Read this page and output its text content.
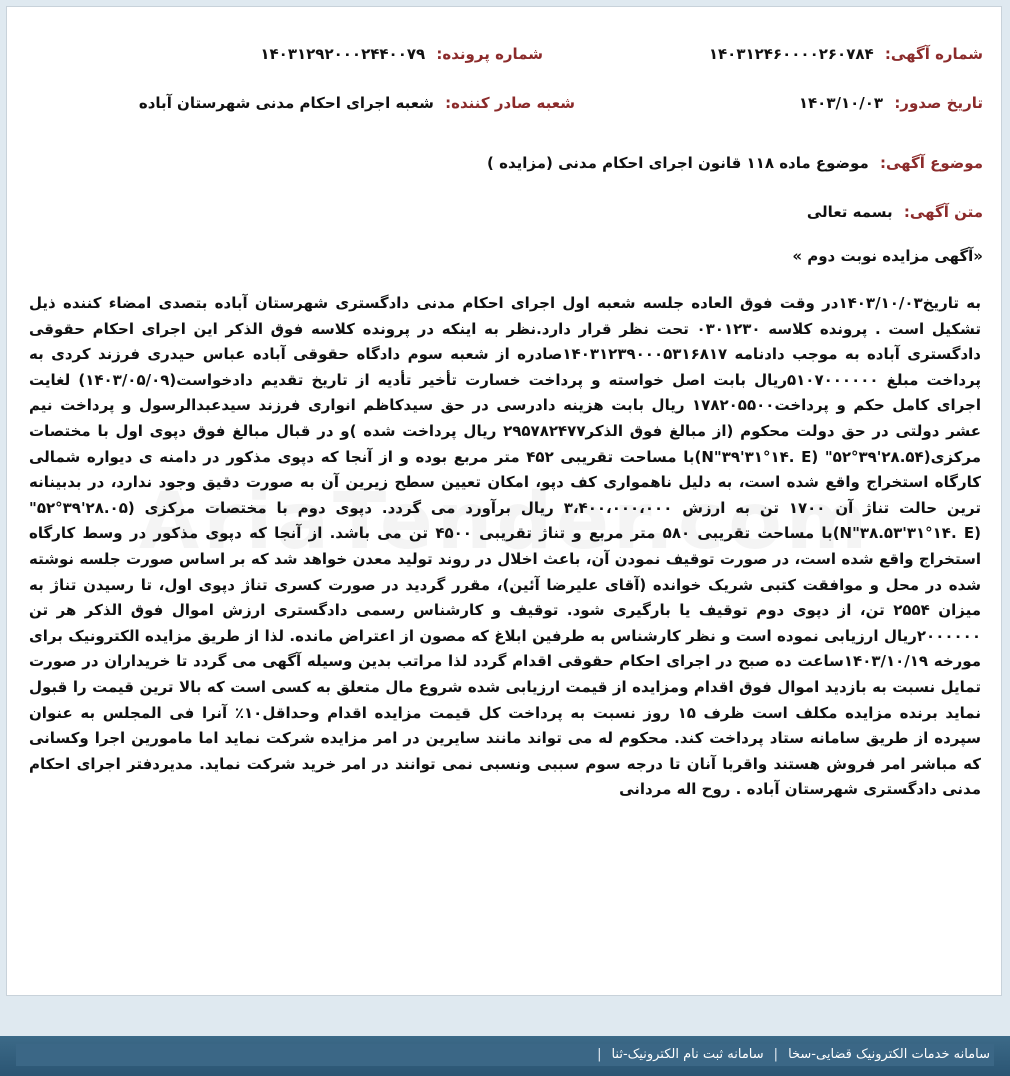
شماره آگهی: ۱۴۰۳۱۲۴۶۰۰۰۰۲۶۰۷۸۴
شماره پرونده: ۱۴۰۳۱۲۹۲۰۰۰۲۴۴۰۰۷۹
تاریخ صدور: ۱۴۰۳/۱۰/۰۳
شعبه صادر کننده: شعبه اجرای احکام مدنی شهرستان آباده
موضوع آگهی: موضوع ماده ۱۱۸ قانون اجرای احکام مدنی (مزایده )
متن آگهی: بسمه تعالی
«آگهی مزایده نوبت دوم »
به تاریخ۱۴۰۳/۱۰/۰۳در وقت فوق العاده جلسه شعبه اول اجرای احکام مدنی دادگستری شهرستان آباده بتصدی امضاء کننده ذیل تشکیل است . پرونده کلاسه ۰۳۰۱۲۳۰ تحت نظر قرار دارد.نظر به اینکه در پرونده کلاسه فوق الذکر این اجرای احکام حقوقی دادگستری آباده به موجب دادنامه ۱۴۰۳۱۲۳۹۰۰۰۵۳۱۶۸۱۷صادره از شعبه سوم دادگاه حقوقی آباده عباس حیدری فرزند کردی به پرداخت مبلغ ۵۱۰۷۰۰۰۰۰۰ریال بابت اصل خواسته و پرداخت خسارت تأخیر تأدیه از تاریخ تقدیم دادخواست(۱۴۰۳/۰۵/۰۹) لغایت اجرای کامل حکم و پرداخت۱۷۸۲۰۵۵۰۰ ریال بابت هزینه دادرسی در حق سیدکاظم انواری فرزند سیدعبدالرسول و پرداخت نیم عشر دولتی در حق دولت محکوم (از مبالغ فوق الذکر۲۹۵۷۸۲۴۷۷ ریال پرداخت شده )و در قبال مبالغ فوق دپوی اول با مختصات مرکزی(۲۸.۵۴'۳۹°۵۲" (N"۳۹'۳۱°۱۴. E)با مساحت تقریبی ۴۵۲ متر مربع بوده و از آنجا که دپوی مذکور در دامنه ی دیواره شمالی کارگاه استخراج واقع شده است، به دلیل ناهمواری کف دپو، امکان تعیین سطح زیرین آن به صورت دقیق وجود ندارد، در بدبینانه ترین حالت تناژ آن ۱۷۰۰ تن به ارزش ۳،۴۰۰،۰۰۰،۰۰۰ ریال برآورد می گردد. دپوی دوم با مختصات مرکزی (۲۸.۰۵'۳۹°۵۲" (N"۳۸.۵۳'۳۱°۱۴. E)با مساحت تقریبی ۵۸۰ متر مربع و تناژ تقریبی ۴۵۰۰ تن می باشد. از آنجا که دپوی مذکور در وسط کارگاه استخراج واقع شده است، در صورت توقیف نمودن آن، باعث اخلال در روند تولید معدن خواهد شد که بر اساس صورت جلسه نوشته شده در محل و موافقت کتبی شریک خوانده (آقای علیرضا آئین)، مقرر گردید در صورت کسری تناژ دپوی اول، تا رسیدن تناژ به میزان ۲۵۵۴ تن، از دپوی دوم توقیف یا بارگیری شود. توقیف و کارشناس رسمی دادگستری ارزش اموال فوق الذکر هر تن ۲۰۰۰۰۰۰ریال ارزیابی نموده است و نظر کارشناس به طرفین ابلاغ که مصون از اعتراض مانده. لذا از طریق مزایده الکترونیک برای مورخه ۱۴۰۳/۱۰/۱۹ساعت ده صبح در اجرای احکام حقوقی اقدام گردد لذا مراتب بدین وسیله آگهی می گردد تا خریداران در صورت تمایل نسبت به بازدید اموال فوق اقدام ومزایده از قیمت ارزیابی شده شروع مال متعلق به کسی است که بالا ترین قیمت را قبول نماید برنده مزایده مکلف است ظرف ۱۵ روز نسبت به پرداخت کل قیمت مزایده اقدام وحداقل۱۰٪ آنرا فی المجلس به عنوان سپرده از طریق سامانه ستاد پرداخت کند. محکوم له می تواند مانند سایرین در امر مزایده شرکت نماید اما مامورین اجرا وکسانی که مباشر امر فروش هستند واقربا آنان تا درجه سوم سببی ونسبی نمی توانند در امر خرید شرکت نماید. مدیردفتر اجرای احکام مدنی دادگستری شهرستان آباده . روح اله مردانی
سامانه خدمات الکترونیک قضایی-سخا|سامانه ثبت نام الکترونیک-ثنا|
